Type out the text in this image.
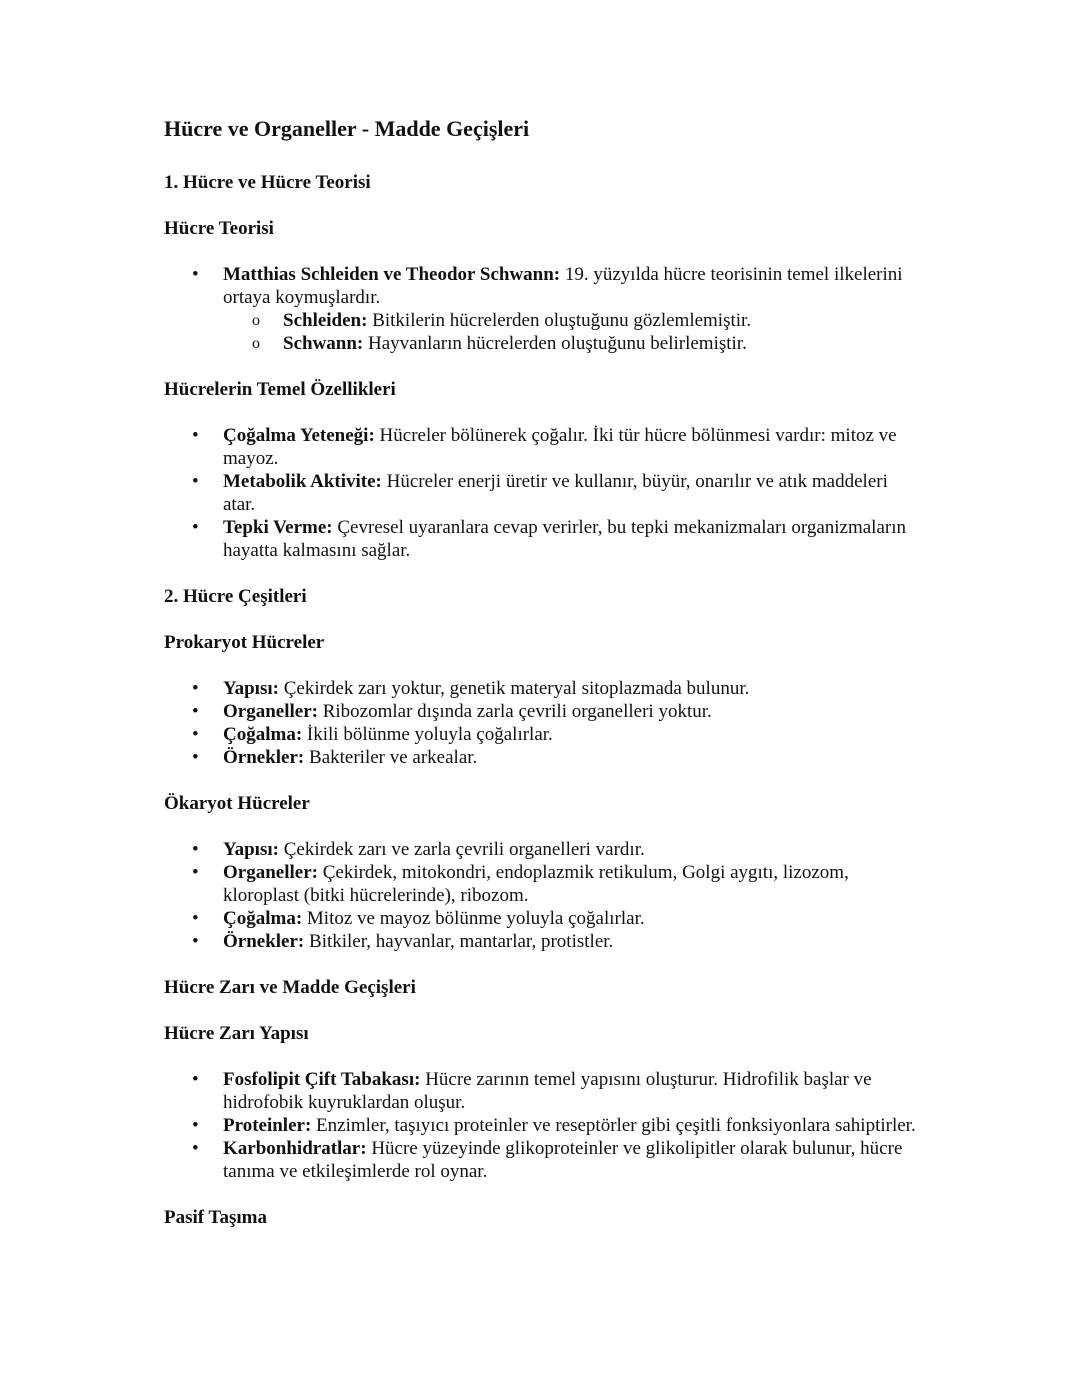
Hücre ve Organeller - Madde Geçişleri
1. Hücre ve Hücre Teorisi
Hücre Teorisi
• Matthias Schleiden ve Theodor Schwann: 19. yüzyılda hücre teorisinin temel ilkelerini ortaya koymuşlardır.
o Schleiden: Bitkilerin hücrelerden oluştuğunu gözlemlemiştir.
o Schwann: Hayvanların hücrelerden oluştuğunu belirlemiştir.
Hücrelerin Temel Özellikleri
• Çoğalma Yeteneği: Hücreler bölünerek çoğalır. İki tür hücre bölünmesi vardır: mitoz ve mayoz.
• Metabolik Aktivite: Hücreler enerji üretir ve kullanır, büyür, onarılır ve atık maddeleri atar.
• Tepki Verme: Çevresel uyaranlara cevap verirler, bu tepki mekanizmaları organizmaların hayatta kalmasını sağlar.
2. Hücre Çeşitleri
Prokaryot Hücreler
• Yapısı: Çekirdek zarı yoktur, genetik materyal sitoplazmada bulunur.
• Organeller: Ribozomlar dışında zarla çevrili organelleri yoktur.
• Çoğalma: İkili bölünme yoluyla çoğalırlar.
• Örnekler: Bakteriler ve arkealar.
Ökaryot Hücreler
• Yapısı: Çekirdek zarı ve zarla çevrili organelleri vardır.
• Organeller: Çekirdek, mitokondri, endoplazmik retikulum, Golgi aygıtı, lizozom, kloroplast (bitki hücrelerinde), ribozom.
• Çoğalma: Mitoz ve mayoz bölünme yoluyla çoğalırlar.
• Örnekler: Bitkiler, hayvanlar, mantarlar, protistler.
Hücre Zarı ve Madde Geçişleri
Hücre Zarı Yapısı
• Fosfolipit Çift Tabakası: Hücre zarının temel yapısını oluşturur. Hidrofilik başlar ve hidrofobik kuyruklardan oluşur.
• Proteinler: Enzimler, taşıyıcı proteinler ve reseptörler gibi çeşitli fonksiyonlara sahiptirler.
• Karbonhidratlar: Hücre yüzeyinde glikoproteinler ve glikolipitler olarak bulunur, hücre tanıma ve etkileşimlerde rol oynar.
Pasif Taşıma
